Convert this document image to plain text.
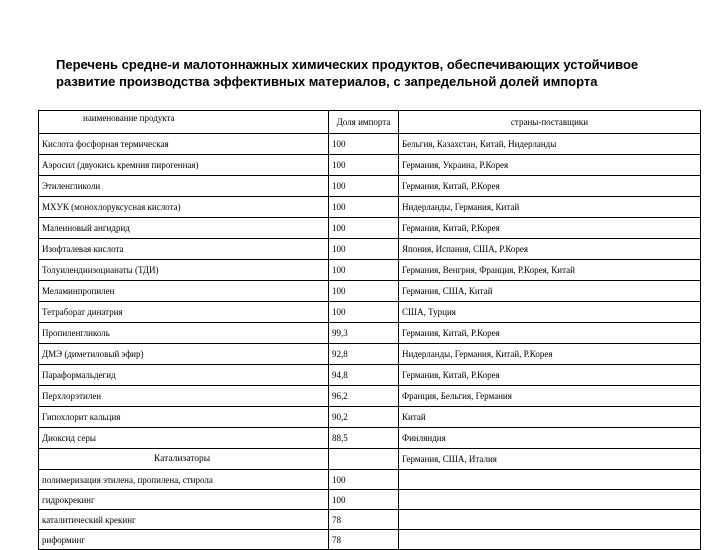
Перечень средне-и малотоннажных химических продуктов, обеспечивающих устойчивое развитие производства эффективных материалов, с запредельной долей импорта

наименование продукта	Доля импорта	страны-поставщики
Кислота фосфорная термическая	100	Бельгия, Казахстан, Китай, Нидерланды
Аэросил (двуокись кремния пирогенная)	100	Германия, Украина, Р.Корея
Этиленгликоли	100	Германия, Китай, Р.Корея
МХУК (монохлоруксусная кислота)	100	Нидерланды, Германия, Китай
Малеиновый ангидрид	100	Германия, Китай, Р.Корея
Изофталевая кислота	100	Япония, Испания, США, Р.Корея
Толуилендиизоцианаты (ТДИ)	100	Германия, Венгрия, Франция, Р.Корея, Китай
Меламинпропилен	100	Германия, США, Китай
Тетраборат динатрия	100	США, Турция
Пропиленгликоль	99,3	Германия, Китай, Р.Корея
ДМЭ (диметиловый эфир)	92,8	Нидерланды, Германия, Китай, Р.Корея
Параформальдегид	94,8	Германия, Китай, Р.Корея
Перхлорэтилен	96,2	Франция, Бельгия, Германия
Гипохлорит кальция	90,2	Китай
Диоксид серы	88,5	Финляндия
Катализаторы		Германия, США, Италия
полимеризация этилена, пропилена, стирола	100	
гидрокрекинг	100	
каталитический крекинг	78	
риформинг	78	
